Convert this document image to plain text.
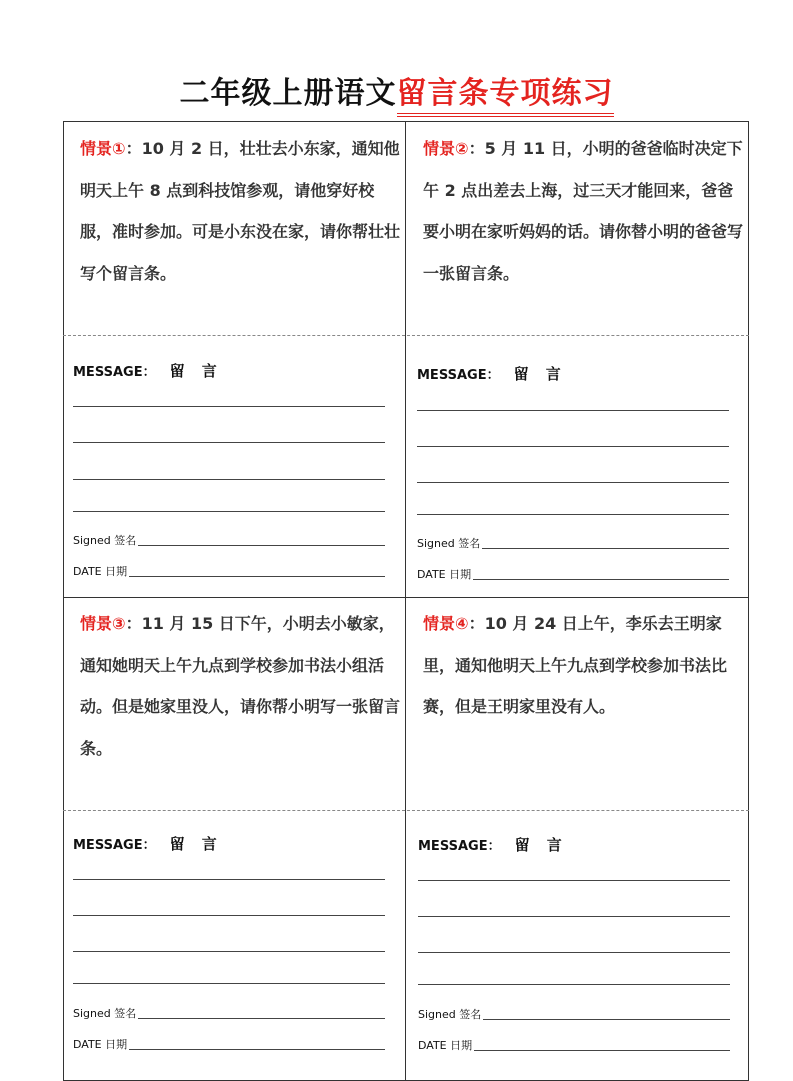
二年级上册语文留言条专项练习
情景①：10 月 2 日，壮壮去小东家，通知他明天上午 8 点到科技馆参观，请他穿好校服，准时参加。可是小东没在家，请你帮壮壮写个留言条。
情景②：5 月 11 日，小明的爸爸临时决定下午 2 点出差去上海，过三天才能回来，爸爸要小明在家听妈妈的话。请你替小明的爸爸写一张留言条。
情景③：11 月 15 日下午，小明去小敏家，通知她明天上午九点到学校参加书法小组活动。但是她家里没人，请你帮小明写一张留言条。
情景④：10 月 24 日上午，李乐去王明家里，通知他明天上午九点到学校参加书法比赛，但是王明家里没有人。
MESSAGE： 留 言
Signed 签名
DATE 日期
MESSAGE： 留 言
Signed 签名
DATE 日期
MESSAGE： 留 言
Signed 签名
DATE 日期
MESSAGE： 留 言
Signed 签名
DATE 日期
